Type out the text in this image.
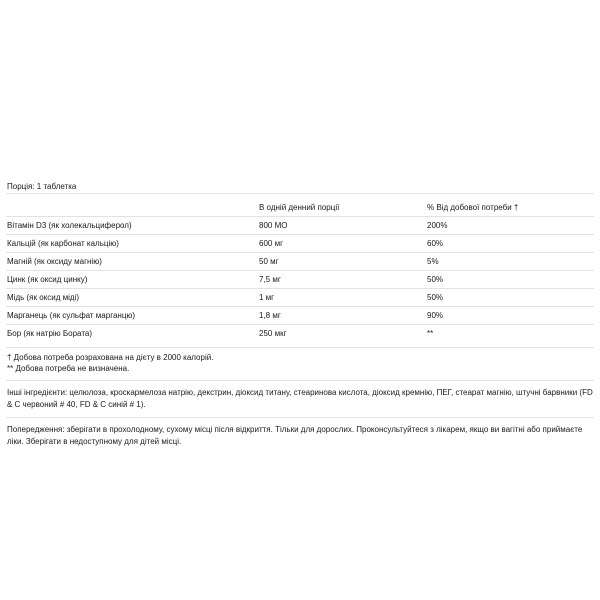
Порція: 1 таблетка
	В одній денний порції	% Від добової потреби †
Вітамін D3 (як холекальциферол)	800 МО	200%
Кальцій (як карбонат кальцію)	600 мг	60%
Магній (як оксиду магнію)	50 мг	5%
Цинк (як оксид цинку)	7,5 мг	50%
Мідь (як оксид міді)	1 мг	50%
Марганець (як сульфат марганцю)	1,8 мг	90%
Бор (як натрію Бората)	250 мкг	**
† Добова потреба розрахована на дієту в 2000 калорій.
** Добова потреба не визначена.
Інші інгредієнти: целюлоза, кроскармелоза натрію, декстрин, діоксид титану, стеаринова кислота, діоксид кремнію, ПЕГ, стеарат магнію, штучні барвники (FD & C червоний # 40, FD & C синій # 1).
Попередження: зберігати в прохолодному, сухому місці після відкриття. Тільки для дорослих. Проконсультуйтеся з лікарем, якщо ви вагітні або приймаєте ліки. Зберігати в недоступному для дітей місці.
